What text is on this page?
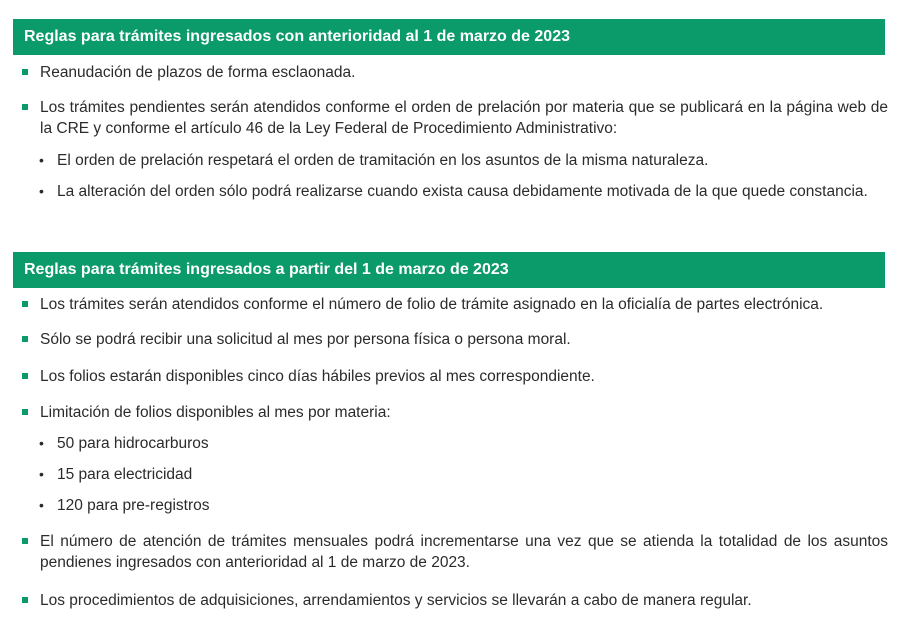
Reglas para trámites ingresados con anterioridad al 1 de marzo de 2023
Reanudación de plazos de forma esclaonada.
Los trámites pendientes serán atendidos conforme el orden de prelación por materia que se publicará en la página web de la CRE y conforme el artículo 46 de la Ley Federal de Procedimiento Administrativo:
• El orden de prelación respetará el orden de tramitación en los asuntos de la misma naturaleza.
• La alteración del orden sólo podrá realizarse cuando exista causa debidamente motivada de la que quede constancia.
Reglas para trámites ingresados a partir del 1 de marzo de 2023
Los trámites serán atendidos conforme el número de folio de trámite asignado en la oficialía de partes electrónica.
Sólo se podrá recibir una solicitud al mes por persona física o persona moral.
Los folios estarán disponibles cinco días hábiles previos al mes correspondiente.
Limitación de folios disponibles al mes por materia:
• 50 para hidrocarburos
• 15 para electricidad
• 120 para pre-registros
El número de atención de trámites mensuales podrá incrementarse una vez que se atienda la totalidad de los asuntos pendienes ingresados con anterioridad al 1 de marzo de 2023.
Los procedimientos de adquisiciones, arrendamientos y servicios se llevarán a cabo de manera regular.
